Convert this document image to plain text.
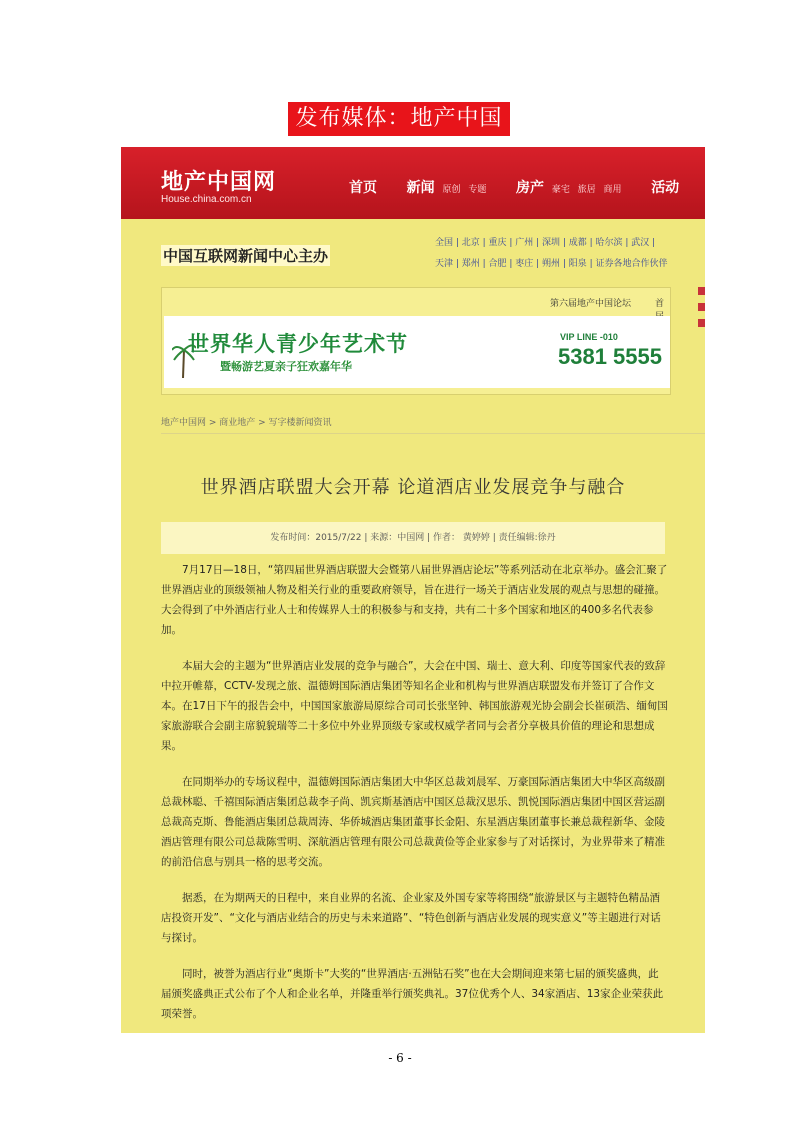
发布媒体：地产中国
地产中国网
House.china.com.cn
首页 新闻 原创 专题 房产 豪宅 旅居 商用 活动
中国互联网新闻中心主办
全国 | 北京 | 重庆 | 广州 | 深圳 | 成都 | 哈尔滨 | 武汉 |
天津 | 郑州 | 合肥 | 枣庄 | 朔州 | 阳泉 | 证券各地合作伙伴
第六届地产中国论坛	首
世界华人青少年艺术节
暨畅游艺夏亲子狂欢嘉年华
VIP LINE -010
5381 5555
地产中国网 > 商业地产 > 写字楼新闻资讯
世界酒店联盟大会开幕 论道酒店业发展竞争与融合
发布时间：2015/7/22 | 来源：中国网 | 作者： 黄婷婷 | 责任编辑:徐丹

7月17日—18日，“第四届世界酒店联盟大会暨第八届世界酒店论坛”等系列活动在北京举办。盛会汇聚了世界酒店业的顶级领袖人物及相关行业的重要政府领导，旨在进行一场关于酒店业发展的观点与思想的碰撞。大会得到了中外酒店行业人士和传媒界人士的积极参与和支持，共有二十多个国家和地区的400多名代表参加。

本届大会的主题为“世界酒店业发展的竞争与融合”，大会在中国、瑞士、意大利、印度等国家代表的致辞中拉开帷幕，CCTV-发现之旅、温德姆国际酒店集团等知名企业和机构与世界酒店联盟发布并签订了合作文本。在17日下午的报告会中，中国国家旅游局原综合司司长张坚钟、韩国旅游观光协会副会长崔硕浩、缅甸国家旅游联合会副主席貌貌瑞等二十多位中外业界顶级专家或权威学者同与会者分享极具价值的理论和思想成果。

在同期举办的专场议程中，温德姆国际酒店集团大中华区总裁刘晨军、万豪国际酒店集团大中华区高级副总裁林聪、千禧国际酒店集团总裁李子尚、凯宾斯基酒店中国区总裁汉思乐、凯悦国际酒店集团中国区营运副总裁高克斯、鲁能酒店集团总裁周涛、华侨城酒店集团董事长金阳、东星酒店集团董事长兼总裁程新华、金陵酒店管理有限公司总裁陈雪明、深航酒店管理有限公司总裁黄俭等企业家参与了对话探讨，为业界带来了精准的前沿信息与别具一格的思考交流。

据悉，在为期两天的日程中，来自业界的名流、企业家及外国专家等将围绕“旅游景区与主题特色精品酒店投资开发”、“文化与酒店业结合的历史与未来道路”、“特色创新与酒店业发展的现实意义”等主题进行对话与探讨。

同时，被誉为酒店行业“奥斯卡”大奖的“世界酒店·五洲钻石奖”也在大会期间迎来第七届的颁奖盛典，此届颁奖盛典正式公布了个人和企业名单，并隆重举行颁奖典礼。37位优秀个人、34家酒店、13家企业荣获此项荣誉。

- 6 -
